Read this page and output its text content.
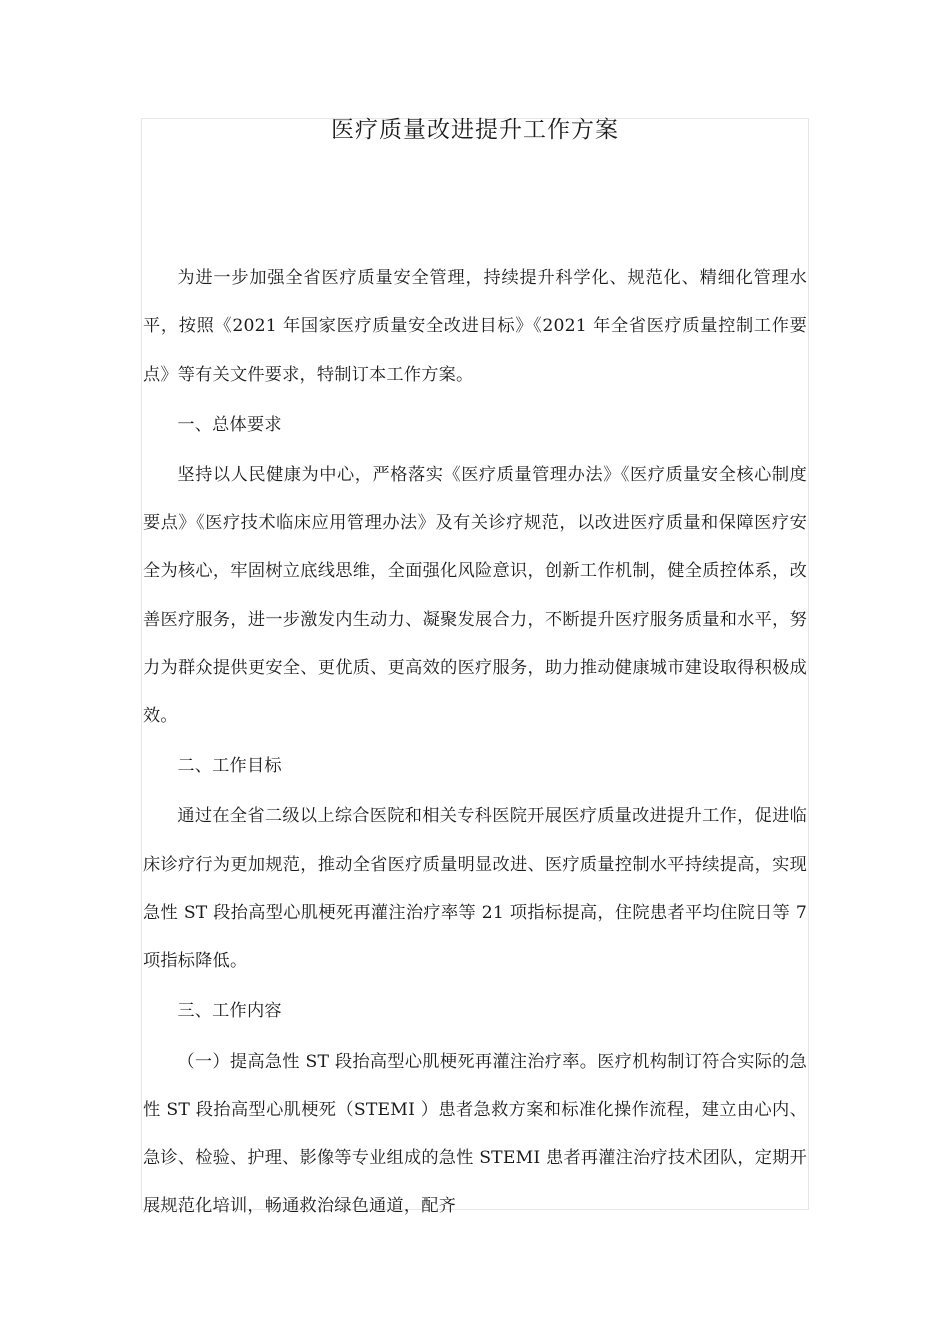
医疗质量改进提升工作方案

为进一步加强全省医疗质量安全管理，持续提升科学化、规范化、精细化管理水平，按照《2021 年国家医疗质量安全改进目标》《2021 年全省医疗质量控制工作要点》等有关文件要求，特制订本工作方案。

一、总体要求

坚持以人民健康为中心，严格落实《医疗质量管理办法》《医疗质量安全核心制度要点》《医疗技术临床应用管理办法》及有关诊疗规范，以改进医疗质量和保障医疗安全为核心，牢固树立底线思维，全面强化风险意识，创新工作机制，健全质控体系，改善医疗服务，进一步激发内生动力、凝聚发展合力，不断提升医疗服务质量和水平，努力为群众提供更安全、更优质、更高效的医疗服务，助力推动健康城市建设取得积极成效。

二、工作目标

通过在全省二级以上综合医院和相关专科医院开展医疗质量改进提升工作，促进临床诊疗行为更加规范，推动全省医疗质量明显改进、医疗质量控制水平持续提高，实现急性 ST 段抬高型心肌梗死再灌注治疗率等 21 项指标提高，住院患者平均住院日等 7 项指标降低。

三、工作内容

（一）提高急性 ST 段抬高型心肌梗死再灌注治疗率。医疗机构制订符合实际的急性 ST 段抬高型心肌梗死（STEMI ）患者急救方案和标准化操作流程，建立由心内、急诊、检验、护理、影像等专业组成的急性 STEMI 患者再灌注治疗技术团队，定期开展规范化培训，畅通救治绿色通道，配齐
